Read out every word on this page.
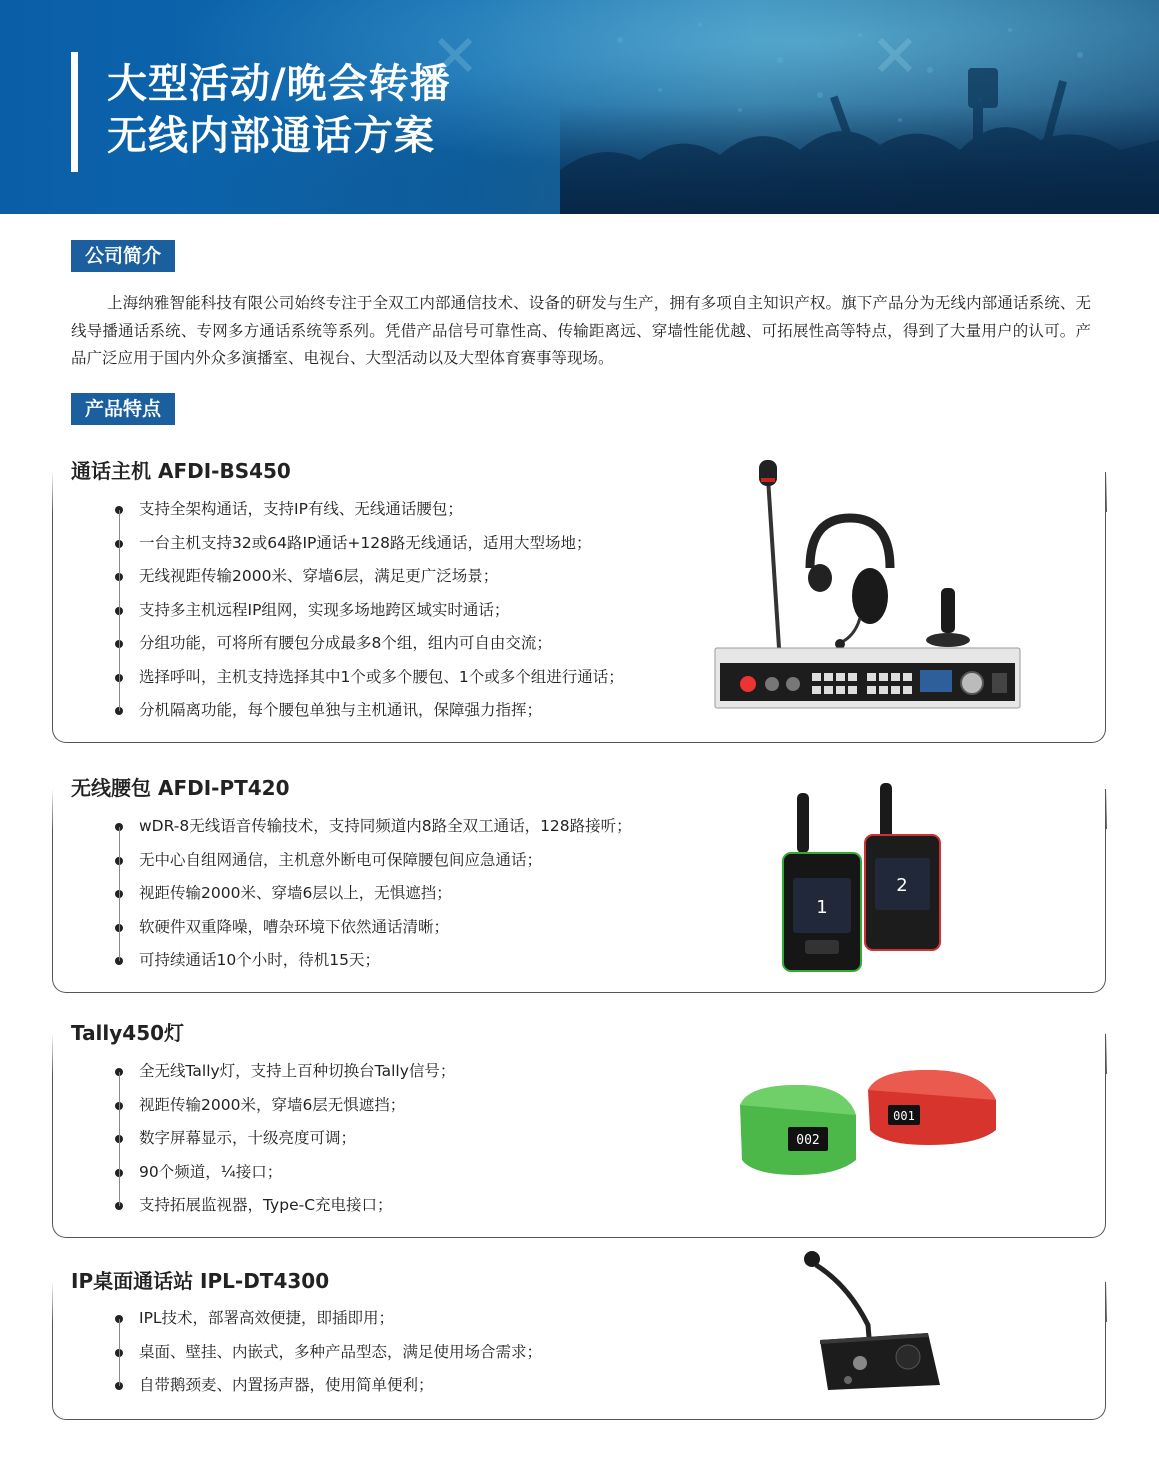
大型活动/晚会转播
无线内部通话方案
公司简介
上海纳雅智能科技有限公司始终专注于全双工内部通信技术、设备的研发与生产，拥有多项自主知识产权。旗下产品分为无线内部通话系统、无线导播通话系统、专网多方通话系统等系列。凭借产品信号可靠性高、传输距离远、穿墙性能优越、可拓展性高等特点，得到了大量用户的认可。产品广泛应用于国内外众多演播室、电视台、大型活动以及大型体育赛事等现场。
产品特点
通话主机 AFDI-BS450
支持全架构通话，支持IP有线、无线通话腰包；
一台主机支持32或64路IP通话+128路无线通话，适用大型场地；
无线视距传输2000米、穿墙6层，满足更广泛场景；
支持多主机远程IP组网，实现多场地跨区域实时通话；
分组功能，可将所有腰包分成最多8个组，组内可自由交流；
选择呼叫，主机支持选择其中1个或多个腰包、1个或多个组进行通话；
分机隔离功能，每个腰包单独与主机通讯，保障强力指挥；
无线腰包 AFDI-PT420
wDR-8无线语音传输技术，支持同频道内8路全双工通话，128路接听；
无中心自组网通信，主机意外断电可保障腰包间应急通话；
视距传输2000米、穿墙6层以上，无惧遮挡；
软硬件双重降噪，嘈杂环境下依然通话清晰；
可持续通话10个小时，待机15天；
2
1
Tally450灯
全无线Tally灯，支持上百种切换台Tally信号；
视距传输2000米，穿墙6层无惧遮挡；
数字屏幕显示，十级亮度可调；
90个频道，¼接口；
支持拓展监视器，Type-C充电接口；
001
002
IP桌面通话站 IPL-DT4300
IPL技术，部署高效便捷，即插即用；
桌面、壁挂、内嵌式，多种产品型态，满足使用场合需求；
自带鹅颈麦、内置扬声器，使用简单便利；
